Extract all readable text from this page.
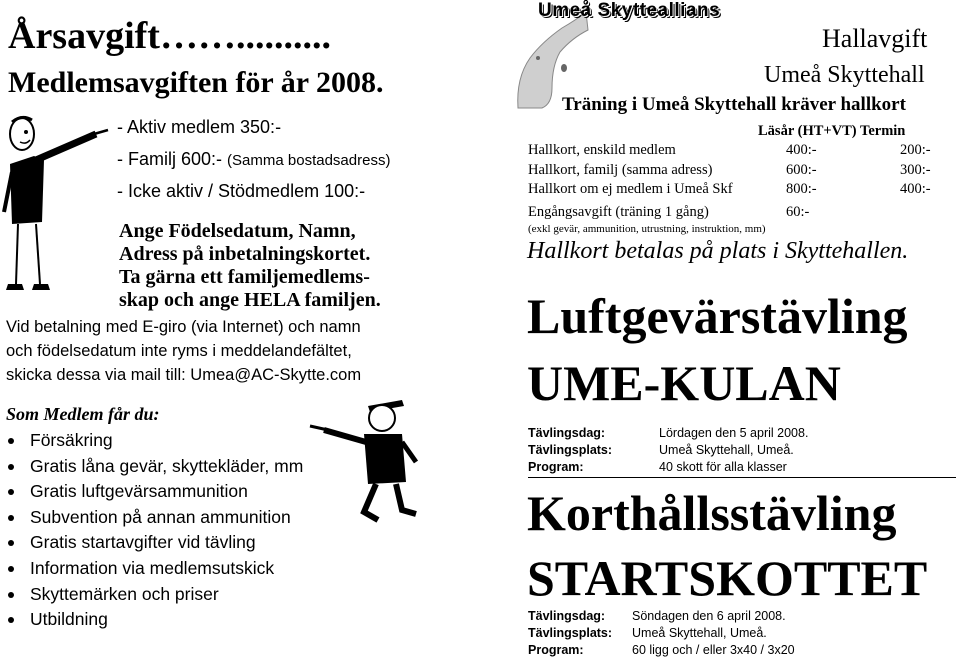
Årsavgift……..........
Medlemsavgiften för år 2008.
- Aktiv medlem 350:-
- Familj 600:- (Samma bostadsadress)
- Icke aktiv / Stödmedlem 100:-
Ange Födelsedatum, Namn,
Adress på inbetalningskortet.
Ta gärna ett familjemedlems-
skap och ange HELA familjen.
Vid betalning med E-giro (via Internet) och namn
och födelsedatum inte ryms i meddelandefältet,
skicka dessa via mail till: Umea@AC-Skytte.com
Som Medlem får du:
Försäkring
Gratis låna gevär, skyttekläder, mm
Gratis luftgevärsammunition
Subvention på annan ammunition
Gratis startavgifter vid tävling
Information via medlemsutskick
Skyttemärken och priser
Utbildning
Umeå Skytteallians
Hallavgift
Umeå Skyttehall
Träning i Umeå Skyttehall kräver hallkort
Läsår (HT+VT) Termin
Hallkort, enskild medlem	400:-	200:-
Hallkort, familj (samma adress)	600:-	300:-
Hallkort om ej medlem i Umeå Skf	800:-	400:-
Engångsavgift (träning 1 gång)	60:-
(exkl gevär, ammunition, utrustning, instruktion, mm)
Hallkort betalas på plats i Skyttehallen.
Luftgevärstävling
UME-KULAN
Tävlingsdag:	Lördagen den 5 april 2008.
Tävlingsplats:	Umeå Skyttehall, Umeå.
Program:	40 skott för alla klasser
Korthållsstävling
STARTSKOTTET
Tävlingsdag: Söndagen den 6 april 2008.
Tävlingsplats: Umeå Skyttehall, Umeå.
Program:	60 ligg och / eller 3x40 / 3x20
